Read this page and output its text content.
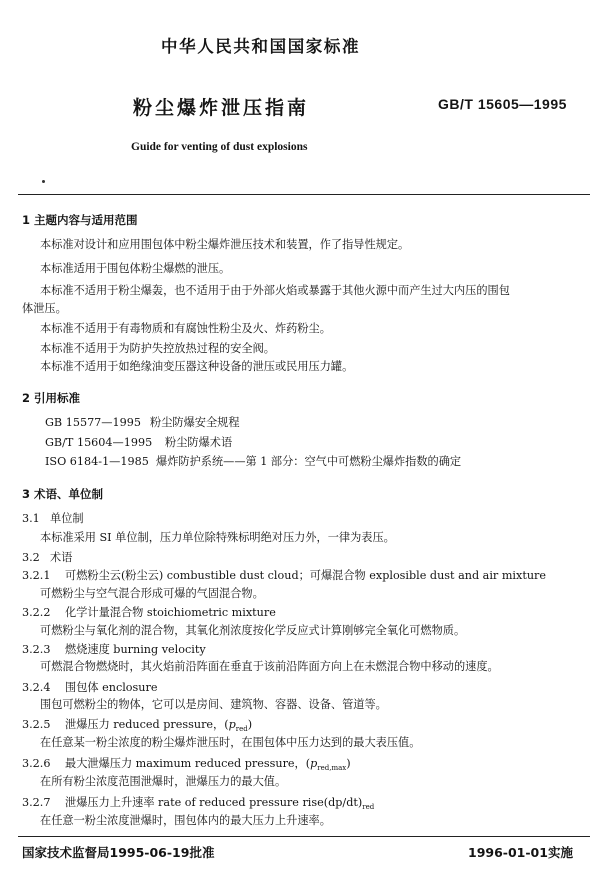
中华人民共和国国家标准
粉尘爆炸泄压指南	GB/T 15605—1995
Guide for venting of dust explosions
1 主题内容与适用范围
本标准对设计和应用围包体中粉尘爆炸泄压技术和装置，作了指导性规定。
本标准适用于围包体粉尘爆燃的泄压。
本标准不适用于粉尘爆轰，也不适用于由于外部火焰或暴露于其他火源中而产生过大内压的围包
体泄压。
本标准不适用于有毒物质和有腐蚀性粉尘及火、炸药粉尘。
本标准不适用于为防护失控放热过程的安全阀。
本标准不适用于如绝缘油变压器这种设备的泄压或民用压力罐。
2 引用标准
GB 15577—1995 粉尘防爆安全规程
GB/T 15604—1995 粉尘防爆术语
ISO 6184-1—1985 爆炸防护系统——第 1 部分：空气中可燃粉尘爆炸指数的确定
3 术语、单位制
3.1 单位制
本标准采用 SI 单位制，压力单位除特殊标明绝对压力外，一律为表压。
3.2 术语
3.2.1 可燃粉尘云(粉尘云) combustible dust cloud；可爆混合物 explosible dust and air mixture
可燃粉尘与空气混合形成可爆的气固混合物。
3.2.2 化学计量混合物 stoichiometric mixture
可燃粉尘与氧化剂的混合物，其氧化剂浓度按化学反应式计算刚够完全氧化可燃物质。
3.2.3 燃烧速度 burning velocity
可燃混合物燃烧时，其火焰前沿阵面在垂直于该前沿阵面方向上在未燃混合物中移动的速度。
3.2.4 围包体 enclosure
围包可燃粉尘的物体，它可以是房间、建筑物、容器、设备、管道等。
3.2.5 泄爆压力 reduced pressure，$(p_{red})$
在任意某一粉尘浓度的粉尘爆炸泄压时，在围包体中压力达到的最大表压值。
3.2.6 最大泄爆压力 maximum reduced pressure，$(p_{red,max})$
在所有粉尘浓度范围泄爆时，泄爆压力的最大值。
3.2.7 泄爆压力上升速率 rate of reduced pressure $rise(dp/dt)_{red}$
在任意一粉尘浓度泄爆时，围包体内的最大压力上升速率。
国家技术监督局1995-06-19批准	1996-01-01实施
